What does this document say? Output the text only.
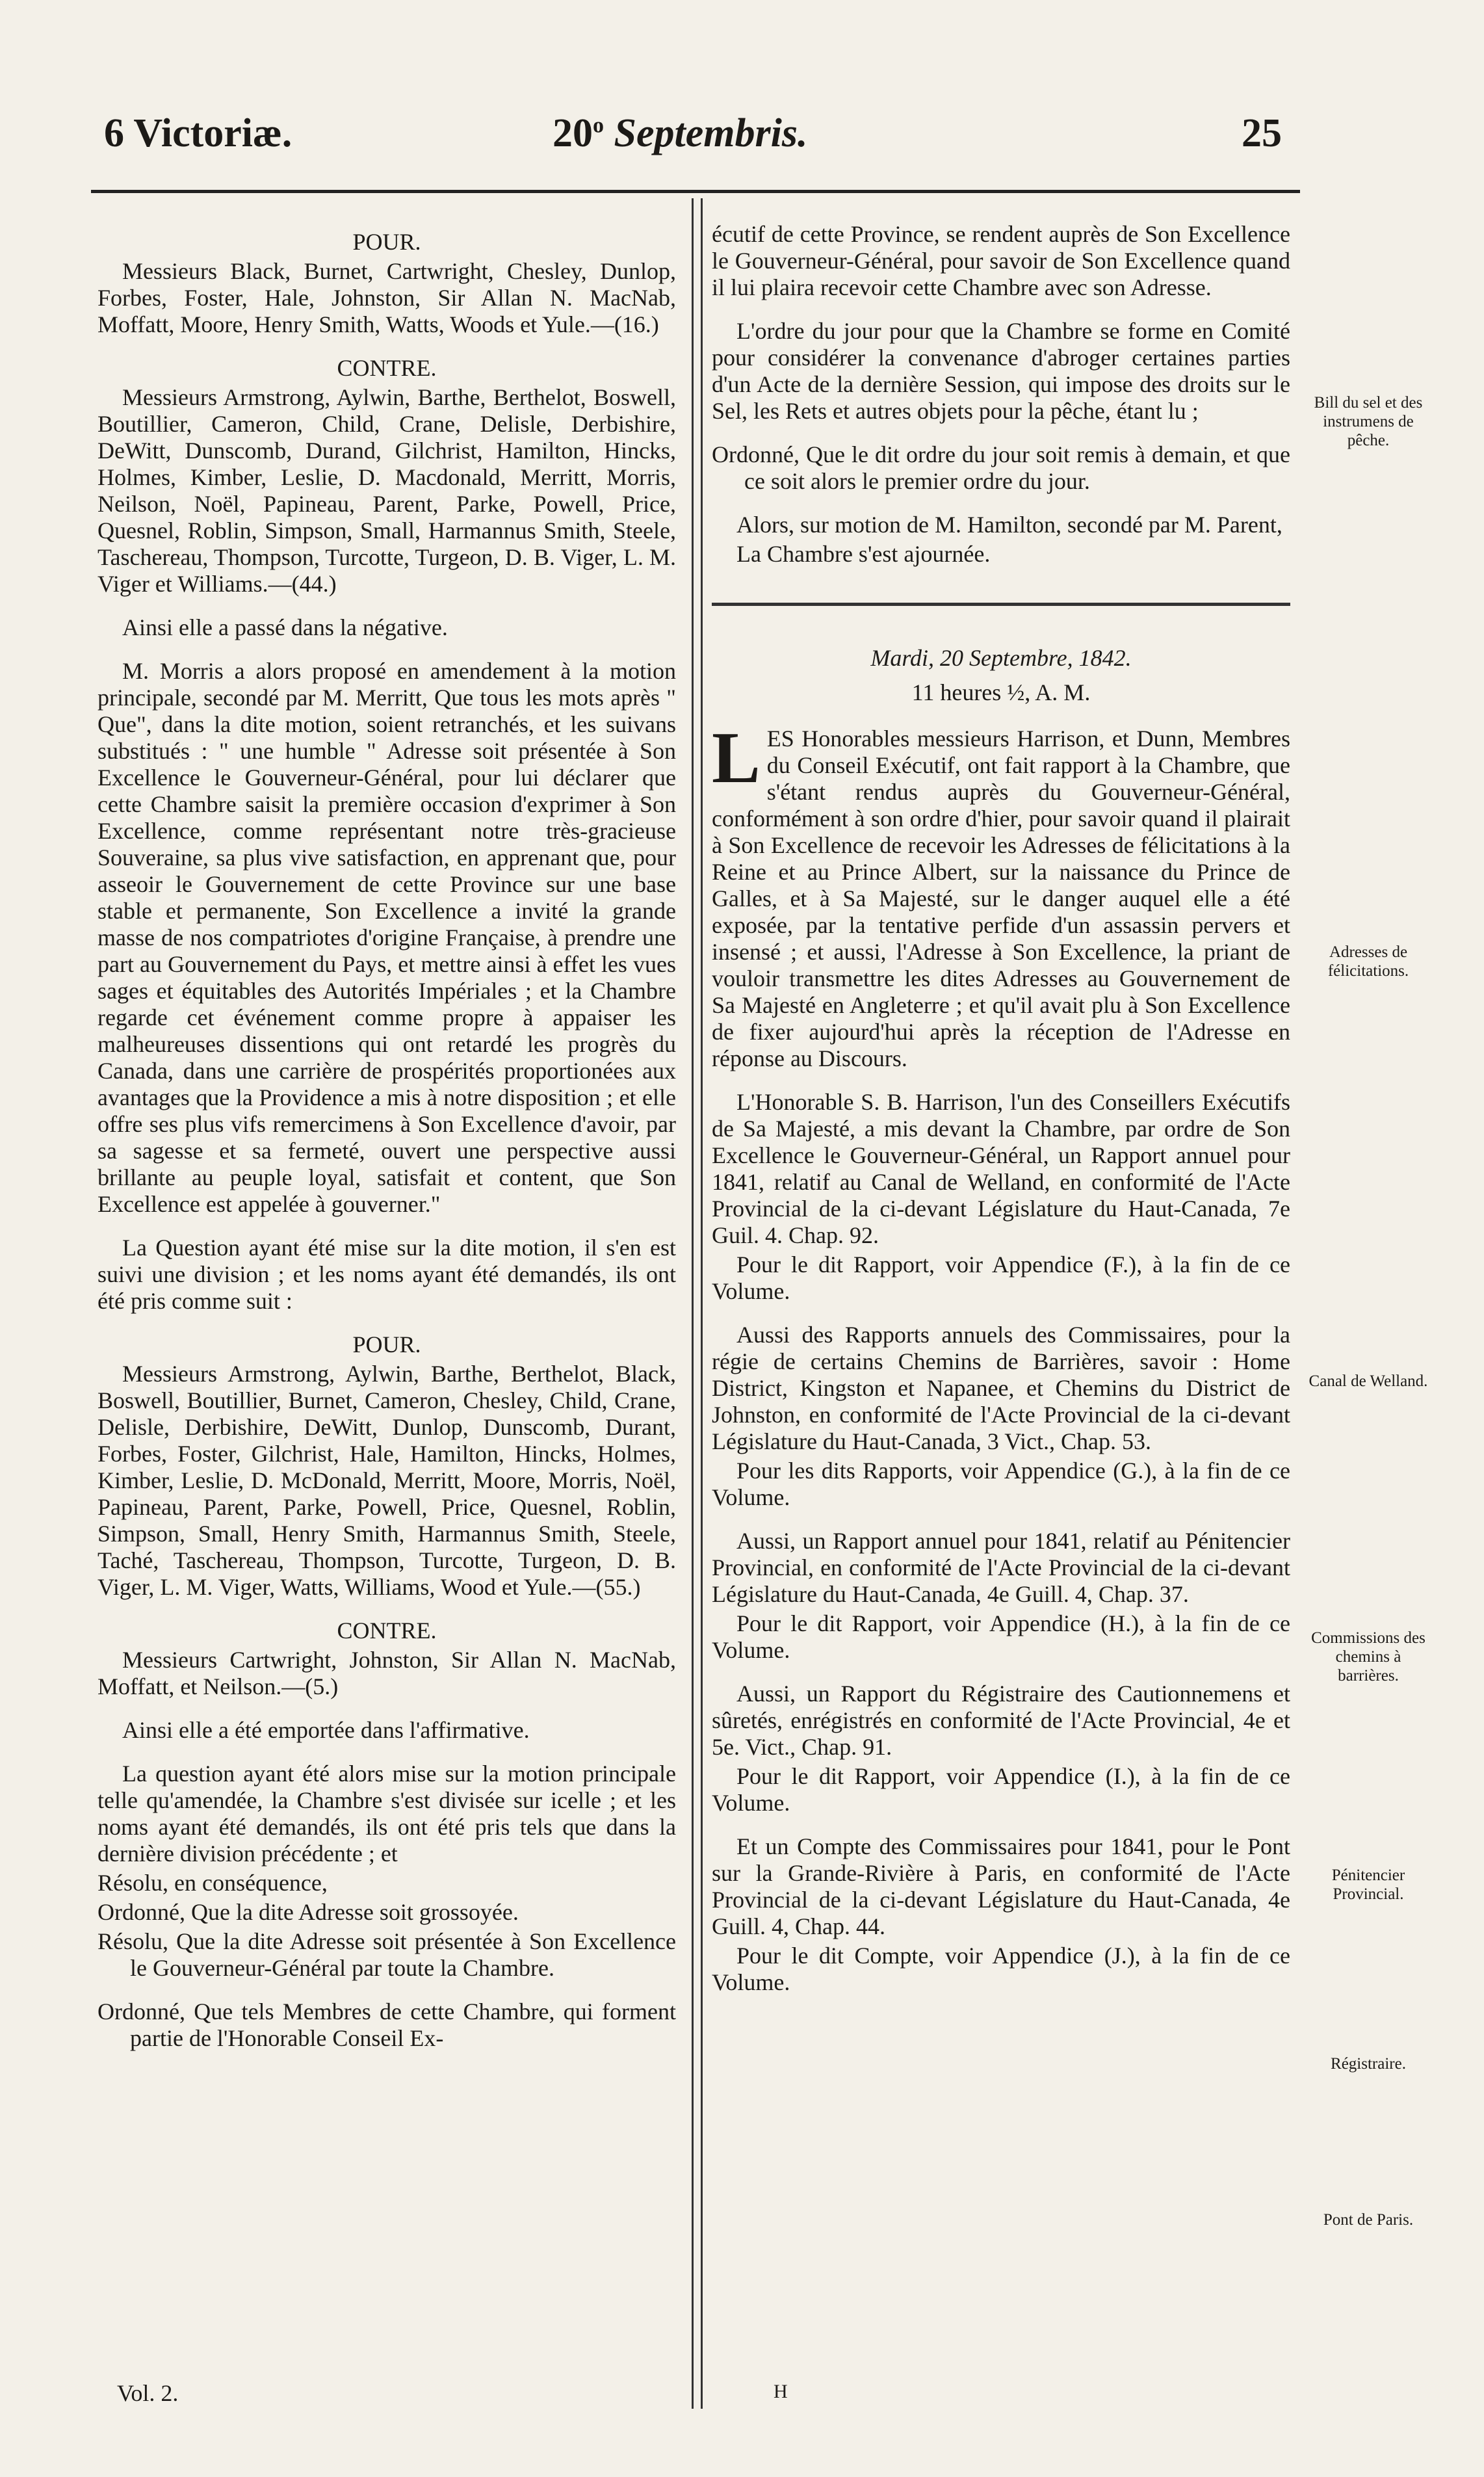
6 Victoriæ.	20$^o$ Septembris.	25

POUR.

Messieurs Black, Burnet, Cartwright, Chesley, Dunlop, Forbes, Foster, Hale, Johnston, Sir Allan N. MacNab, Moffatt, Moore, Henry Smith, Watts, Woods et Yule.—(16.)

CONTRE.

Messieurs Armstrong, Aylwin, Barthe, Berthelot, Boswell, Boutillier, Cameron, Child, Crane, Delisle, Derbishire, DeWitt, Dunscomb, Durand, Gilchrist, Hamilton, Hincks, Holmes, Kimber, Leslie, D. Macdonald, Merritt, Morris, Neilson, Noël, Papineau, Parent, Parke, Powell, Price, Quesnel, Roblin, Simpson, Small, Harmannus Smith, Steele, Taschereau, Thompson, Turcotte, Turgeon, D. B. Viger, L. M. Viger et Williams.—(44.)

Ainsi elle a passé dans la négative.

M. Morris a alors proposé en amendement à la motion principale, secondé par M. Merritt, Que tous les mots après " Que", dans la dite motion, soient retranchés, et les suivans substitués : " une humble " Adresse soit présentée à Son Excellence le Gouverneur-Général, pour lui déclarer que cette Chambre saisit la première occasion d'exprimer à Son Excellence, comme représentant notre très-gracieuse Souveraine, sa plus vive satisfaction, en apprenant que, pour asseoir le Gouvernement de cette Province sur une base stable et permanente, Son Excellence a invité la grande masse de nos compatriotes d'origine Française, à prendre une part au Gouvernement du Pays, et mettre ainsi à effet les vues sages et équitables des Autorités Impériales ; et la Chambre regarde cet événement comme propre à appaiser les malheureuses dissentions qui ont retardé les progrès du Canada, dans une carrière de prospérités proportionées aux avantages que la Providence a mis à notre disposition ; et elle offre ses plus vifs remercimens à Son Excellence d'avoir, par sa sagesse et sa fermeté, ouvert une perspective aussi brillante au peuple loyal, satisfait et content, que Son Excellence est appelée à gouverner."

La Question ayant été mise sur la dite motion, il s'en est suivi une division ; et les noms ayant été demandés, ils ont été pris comme suit :

POUR.

Messieurs Armstrong, Aylwin, Barthe, Berthelot, Black, Boswell, Boutillier, Burnet, Cameron, Chesley, Child, Crane, Delisle, Derbishire, DeWitt, Dunlop, Dunscomb, Durant, Forbes, Foster, Gilchrist, Hale, Hamilton, Hincks, Holmes, Kimber, Leslie, D. McDonald, Merritt, Moore, Morris, Noël, Papineau, Parent, Parke, Powell, Price, Quesnel, Roblin, Simpson, Small, Henry Smith, Harmannus Smith, Steele, Taché, Taschereau, Thompson, Turcotte, Turgeon, D. B. Viger, L. M. Viger, Watts, Williams, Wood et Yule.—(55.)

CONTRE.

Messieurs Cartwright, Johnston, Sir Allan N. MacNab, Moffatt, et Neilson.—(5.)

Ainsi elle a été emportée dans l'affirmative.

La question ayant été alors mise sur la motion principale telle qu'amendée, la Chambre s'est divisée sur icelle ; et les noms ayant été demandés, ils ont été pris tels que dans la dernière division précédente ; et

Résolu, en conséquence,

Ordonné, Que la dite Adresse soit grossoyée.

Résolu, Que la dite Adresse soit présentée à Son Excellence le Gouverneur-Général par toute la Chambre.

Ordonné, Que tels Membres de cette Chambre, qui forment partie de l'Honorable Conseil Ex-

écutif de cette Province, se rendent auprès de Son Excellence le Gouverneur-Général, pour savoir de Son Excellence quand il lui plaira recevoir cette Chambre avec son Adresse.

L'ordre du jour pour que la Chambre se forme en Comité pour considérer la convenance d'abroger certaines parties d'un Acte de la dernière Session, qui impose des droits sur le Sel, les Rets et autres objets pour la pêche, étant lu ;

Ordonné, Que le dit ordre du jour soit remis à demain, et que ce soit alors le premier ordre du jour.

Alors, sur motion de M. Hamilton, secondé par M. Parent,

La Chambre s'est ajournée.

Mardi, 20 Septembre, 1842.

11 heures ½, A. M.

LES Honorables messieurs Harrison, et Dunn, Membres du Conseil Exécutif, ont fait rapport à la Chambre, que s'étant rendus auprès du Gouverneur-Général, conformément à son ordre d'hier, pour savoir quand il plairait à Son Excellence de recevoir les Adresses de félicitations à la Reine et au Prince Albert, sur la naissance du Prince de Galles, et à Sa Majesté, sur le danger auquel elle a été exposée, par la tentative perfide d'un assassin pervers et insensé ; et aussi, l'Adresse à Son Excellence, la priant de vouloir transmettre les dites Adresses au Gouvernement de Sa Majesté en Angleterre ; et qu'il avait plu à Son Excellence de fixer aujourd'hui après la réception de l'Adresse en réponse au Discours.

L'Honorable S. B. Harrison, l'un des Conseillers Exécutifs de Sa Majesté, a mis devant la Chambre, par ordre de Son Excellence le Gouverneur-Général, un Rapport annuel pour 1841, relatif au Canal de Welland, en conformité de l'Acte Provincial de la ci-devant Législature du Haut-Canada, 7e Guil. 4. Chap. 92.

Pour le dit Rapport, voir Appendice (F.), à la fin de ce Volume.

Aussi des Rapports annuels des Commissaires, pour la régie de certains Chemins de Barrières, savoir : Home District, Kingston et Napanee, et Chemins du District de Johnston, en conformité de l'Acte Provincial de la ci-devant Législature du Haut-Canada, 3 Vict., Chap. 53.

Pour les dits Rapports, voir Appendice (G.), à la fin de ce Volume.

Aussi, un Rapport annuel pour 1841, relatif au Pénitencier Provincial, en conformité de l'Acte Provincial de la ci-devant Législature du Haut-Canada, 4e Guill. 4, Chap. 37.

Pour le dit Rapport, voir Appendice (H.), à la fin de ce Volume.

Aussi, un Rapport du Régistraire des Cautionnemens et sûretés, enrégistrés en conformité de l'Acte Provincial, 4e et 5e. Vict., Chap. 91.

Pour le dit Rapport, voir Appendice (I.), à la fin de ce Volume.

Et un Compte des Commissaires pour 1841, pour le Pont sur la Grande-Rivière à Paris, en conformité de l'Acte Provincial de la ci-devant Législature du Haut-Canada, 4e Guill. 4, Chap. 44.

Pour le dit Compte, voir Appendice (J.), à la fin de ce Volume.

Bill du sel et des instrumens de pêche.
Adresses de félicitations.
Canal de Welland.
Commissions des chemins à barrières.
Pénitencier Provincial.
Régistraire.
Pont de Paris.
Vol. 2.	H
